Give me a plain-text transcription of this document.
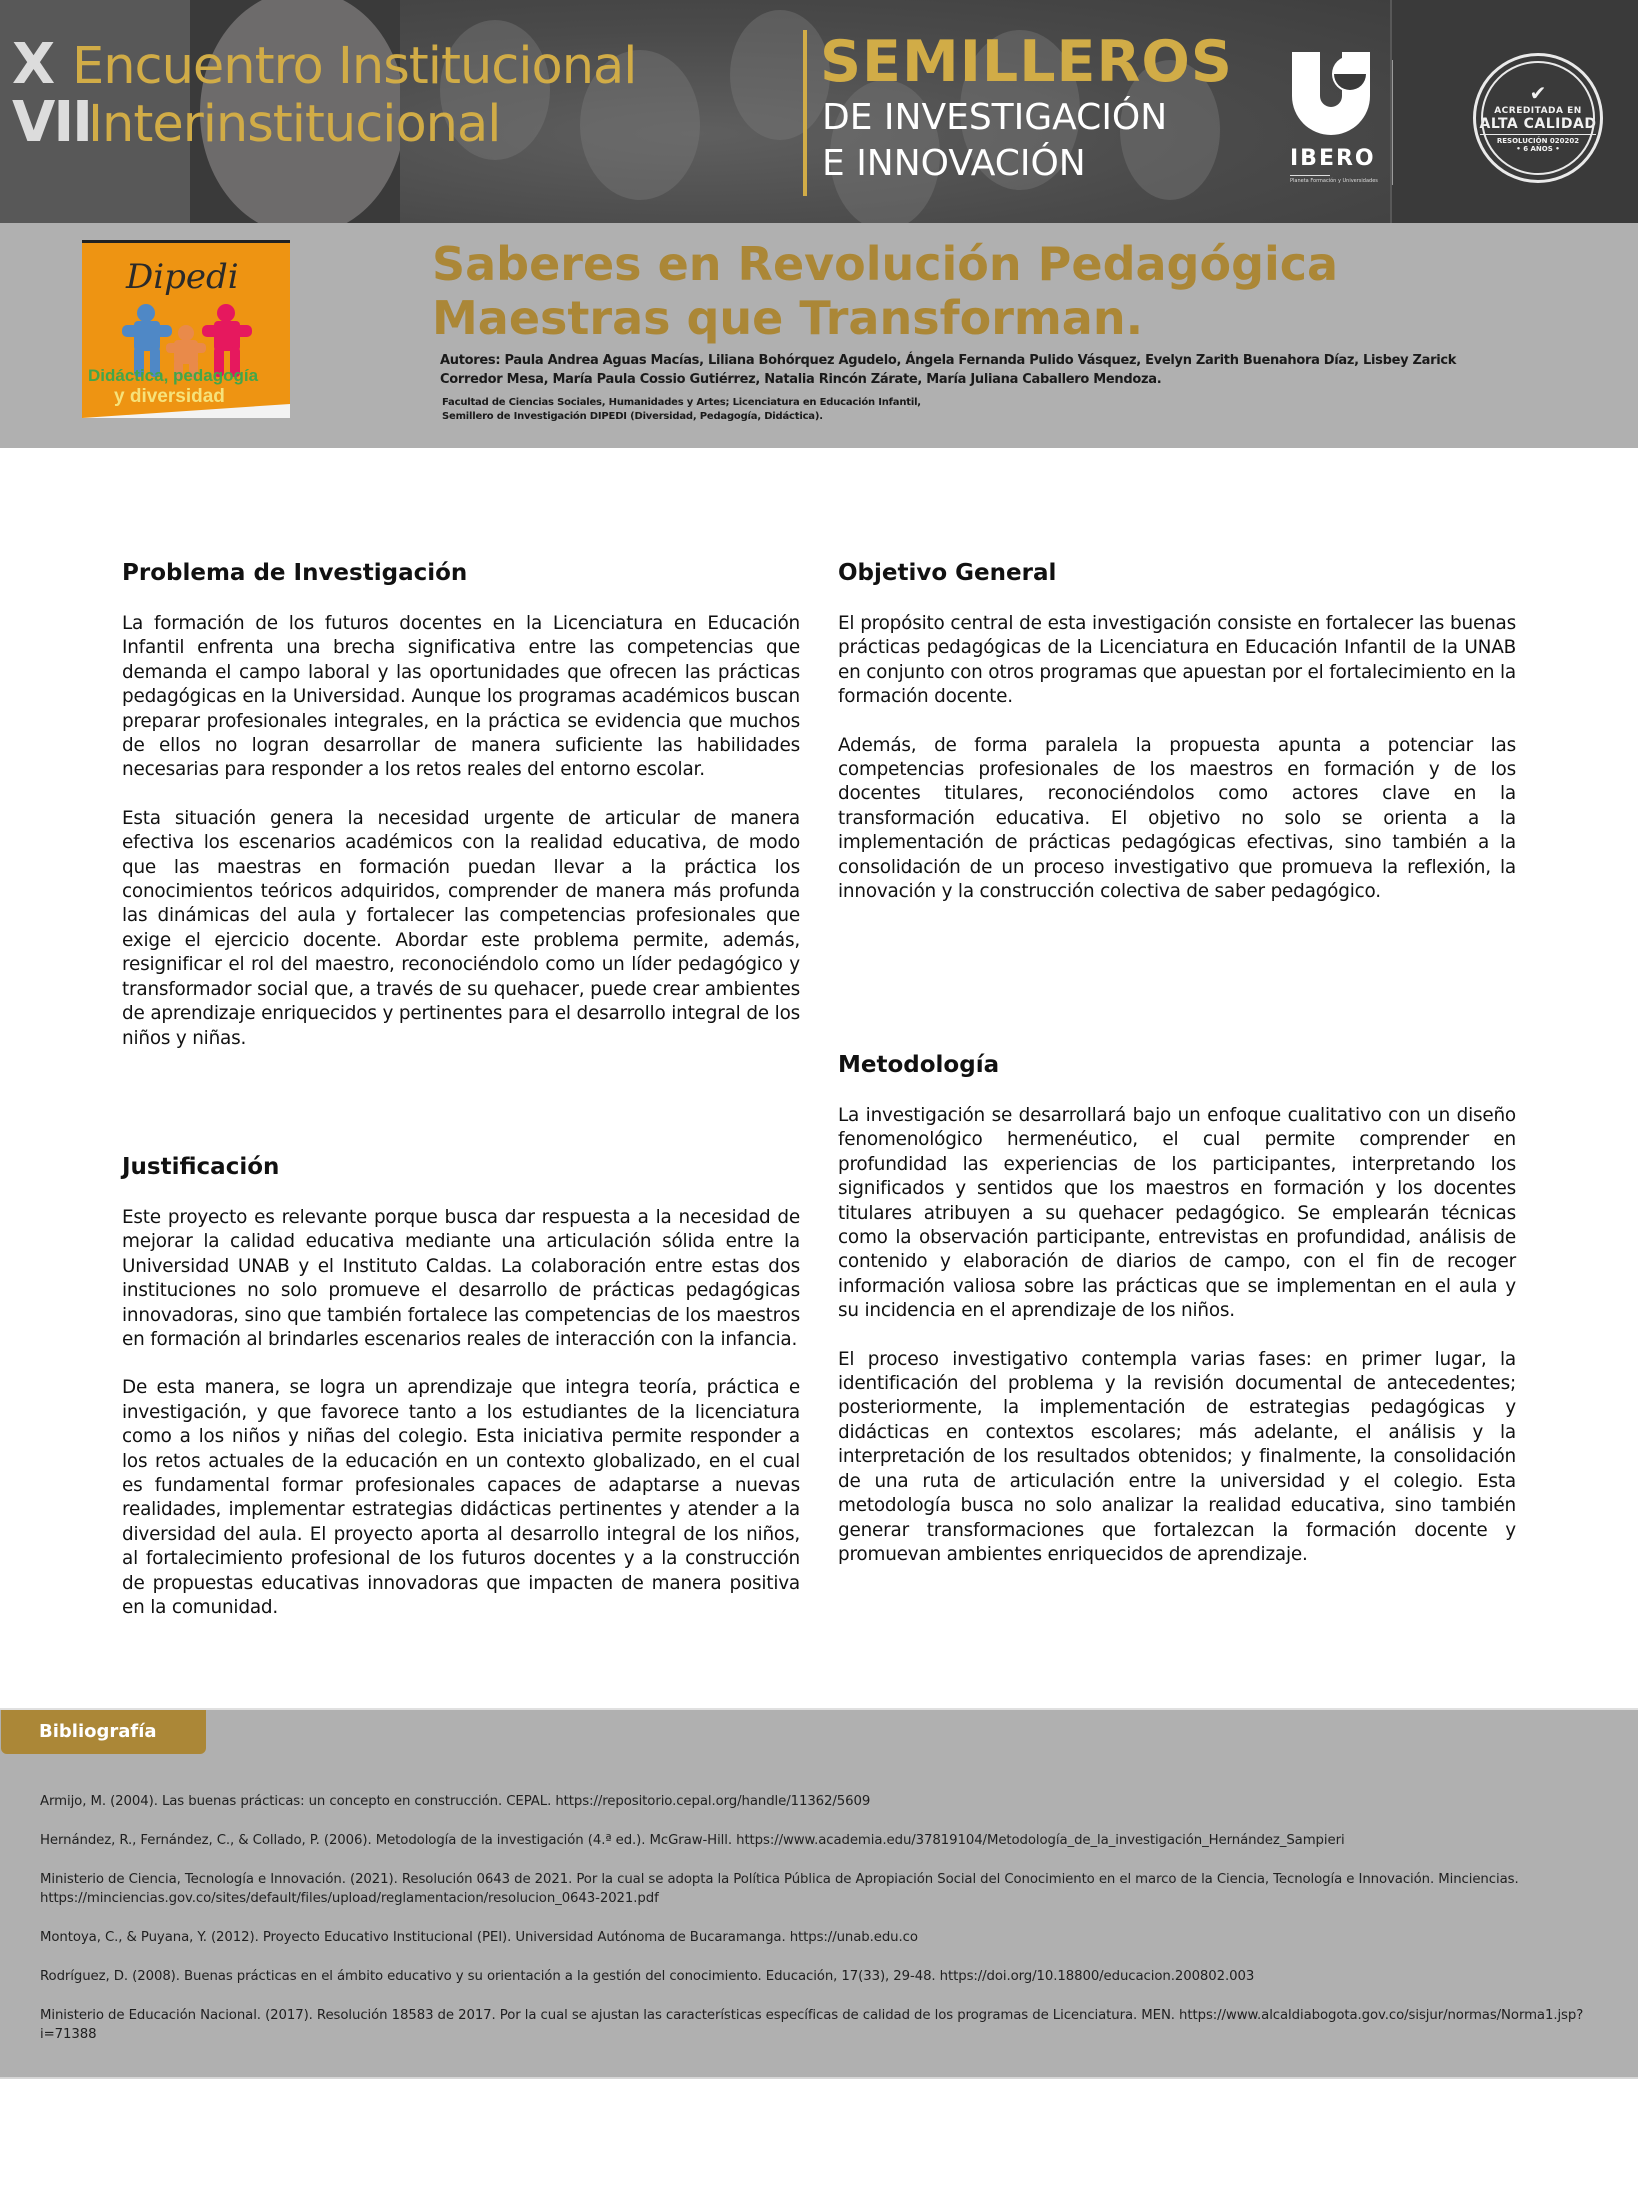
X
VII
Encuentro Institucional
Interinstitucional
SEMILLEROS
DE INVESTIGACIÓN
E INNOVACIÓN	IBERO
Planeta Formación y Universidades
✔
ACREDITADA EN
ALTA CALIDAD
RESOLUCIÓN 020202
• 6 AÑOS •
Dipedi
Didáctica, pedagogía
y diversidad
Saberes en Revolución Pedagógica
Maestras que Transforman.

Autores: Paula Andrea Aguas Macías, Liliana Bohórquez Agudelo, Ángela Fernanda Pulido Vásquez, Evelyn Zarith Buenahora Díaz, Lisbey Zarick Corredor Mesa, María Paula Cossio Gutiérrez, Natalia Rincón Zárate, María Juliana Caballero Mendoza.

Facultad de Ciencias Sociales, Humanidades y Artes; Licenciatura en Educación Infantil, Semillero de Investigación DIPEDI (Diversidad, Pedagogía, Didáctica).

Problema de Investigación

La formación de los futuros docentes en la Licenciatura en Educación Infantil enfrenta una brecha significativa entre las competencias que demanda el campo laboral y las oportunidades que ofrecen las prácticas pedagógicas en la Universidad. Aunque los programas académicos buscan preparar profesionales integrales, en la práctica se evidencia que muchos de ellos no logran desarrollar de manera suficiente las habilidades necesarias para responder a los retos reales del entorno escolar.

Esta situación genera la necesidad urgente de articular de manera efectiva los escenarios académicos con la realidad educativa, de modo que las maestras en formación puedan llevar a la práctica los conocimientos teóricos adquiridos, comprender de manera más profunda las dinámicas del aula y fortalecer las competencias profesionales que exige el ejercicio docente. Abordar este problema permite, además, resignificar el rol del maestro, reconociéndolo como un líder pedagógico y transformador social que, a través de su quehacer, puede crear ambientes de aprendizaje enriquecidos y pertinentes para el desarrollo integral de los niños y niñas.

Justificación

Este proyecto es relevante porque busca dar respuesta a la necesidad de mejorar la calidad educativa mediante una articulación sólida entre la Universidad UNAB y el Instituto Caldas. La colaboración entre estas dos instituciones no solo promueve el desarrollo de prácticas pedagógicas innovadoras, sino que también fortalece las competencias de los maestros en formación al brindarles escenarios reales de interacción con la infancia.

De esta manera, se logra un aprendizaje que integra teoría, práctica e investigación, y que favorece tanto a los estudiantes de la licenciatura como a los niños y niñas del colegio. Esta iniciativa permite responder a los retos actuales de la educación en un contexto globalizado, en el cual es fundamental formar profesionales capaces de adaptarse a nuevas realidades, implementar estrategias didácticas pertinentes y atender a la diversidad del aula. El proyecto aporta al desarrollo integral de los niños, al fortalecimiento profesional de los futuros docentes y a la construcción de propuestas educativas innovadoras que impacten de manera positiva en la comunidad.

Objetivo General

El propósito central de esta investigación consiste en fortalecer las buenas prácticas pedagógicas de la Licenciatura en Educación Infantil de la UNAB en conjunto con otros programas que apuestan por el fortalecimiento en la formación docente.

Además, de forma paralela la propuesta apunta a potenciar las competencias profesionales de los maestros en formación y de los docentes titulares, reconociéndolos como actores clave en la transformación educativa. El objetivo no solo se orienta a la implementación de prácticas pedagógicas efectivas, sino también a la consolidación de un proceso investigativo que promueva la reflexión, la innovación y la construcción colectiva de saber pedagógico.

Metodología

La investigación se desarrollará bajo un enfoque cualitativo con un diseño fenomenológico hermenéutico, el cual permite comprender en profundidad las experiencias de los participantes, interpretando los significados y sentidos que los maestros en formación y los docentes titulares atribuyen a su quehacer pedagógico. Se emplearán técnicas como la observación participante, entrevistas en profundidad, análisis de contenido y elaboración de diarios de campo, con el fin de recoger información valiosa sobre las prácticas que se implementan en el aula y su incidencia en el aprendizaje de los niños.

El proceso investigativo contempla varias fases: en primer lugar, la identificación del problema y la revisión documental de antecedentes; posteriormente, la implementación de estrategias pedagógicas y didácticas en contextos escolares; más adelante, el análisis y la interpretación de los resultados obtenidos; y finalmente, la consolidación de una ruta de articulación entre la universidad y el colegio. Esta metodología busca no solo analizar la realidad educativa, sino también generar transformaciones que fortalezcan la formación docente y promuevan ambientes enriquecidos de aprendizaje.

Bibliografía
Armijo, M. (2004). Las buenas prácticas: un concepto en construcción. CEPAL. https://repositorio.cepal.org/handle/11362/5609
Hernández, R., Fernández, C., & Collado, P. (2006). Metodología de la investigación (4.ª ed.). McGraw-Hill. https://www.academia.edu/37819104/Metodología_de_la_investigación_Hernández_Sampieri
Ministerio de Ciencia, Tecnología e Innovación. (2021). Resolución 0643 de 2021. Por la cual se adopta la Política Pública de Apropiación Social del Conocimiento en el marco de la Ciencia, Tecnología e Innovación. Minciencias. https://minciencias.gov.co/sites/default/files/upload/reglamentacion/resolucion_0643-2021.pdf
Montoya, C., & Puyana, Y. (2012). Proyecto Educativo Institucional (PEI). Universidad Autónoma de Bucaramanga. https://unab.edu.co
Rodríguez, D. (2008). Buenas prácticas en el ámbito educativo y su orientación a la gestión del conocimiento. Educación, 17(33), 29-48. https://doi.org/10.18800/educacion.200802.003
Ministerio de Educación Nacional. (2017). Resolución 18583 de 2017. Por la cual se ajustan las características específicas de calidad de los programas de Licenciatura. MEN. https://www.alcaldiabogota.gov.co/sisjur/normas/Norma1.jsp?i=71388
